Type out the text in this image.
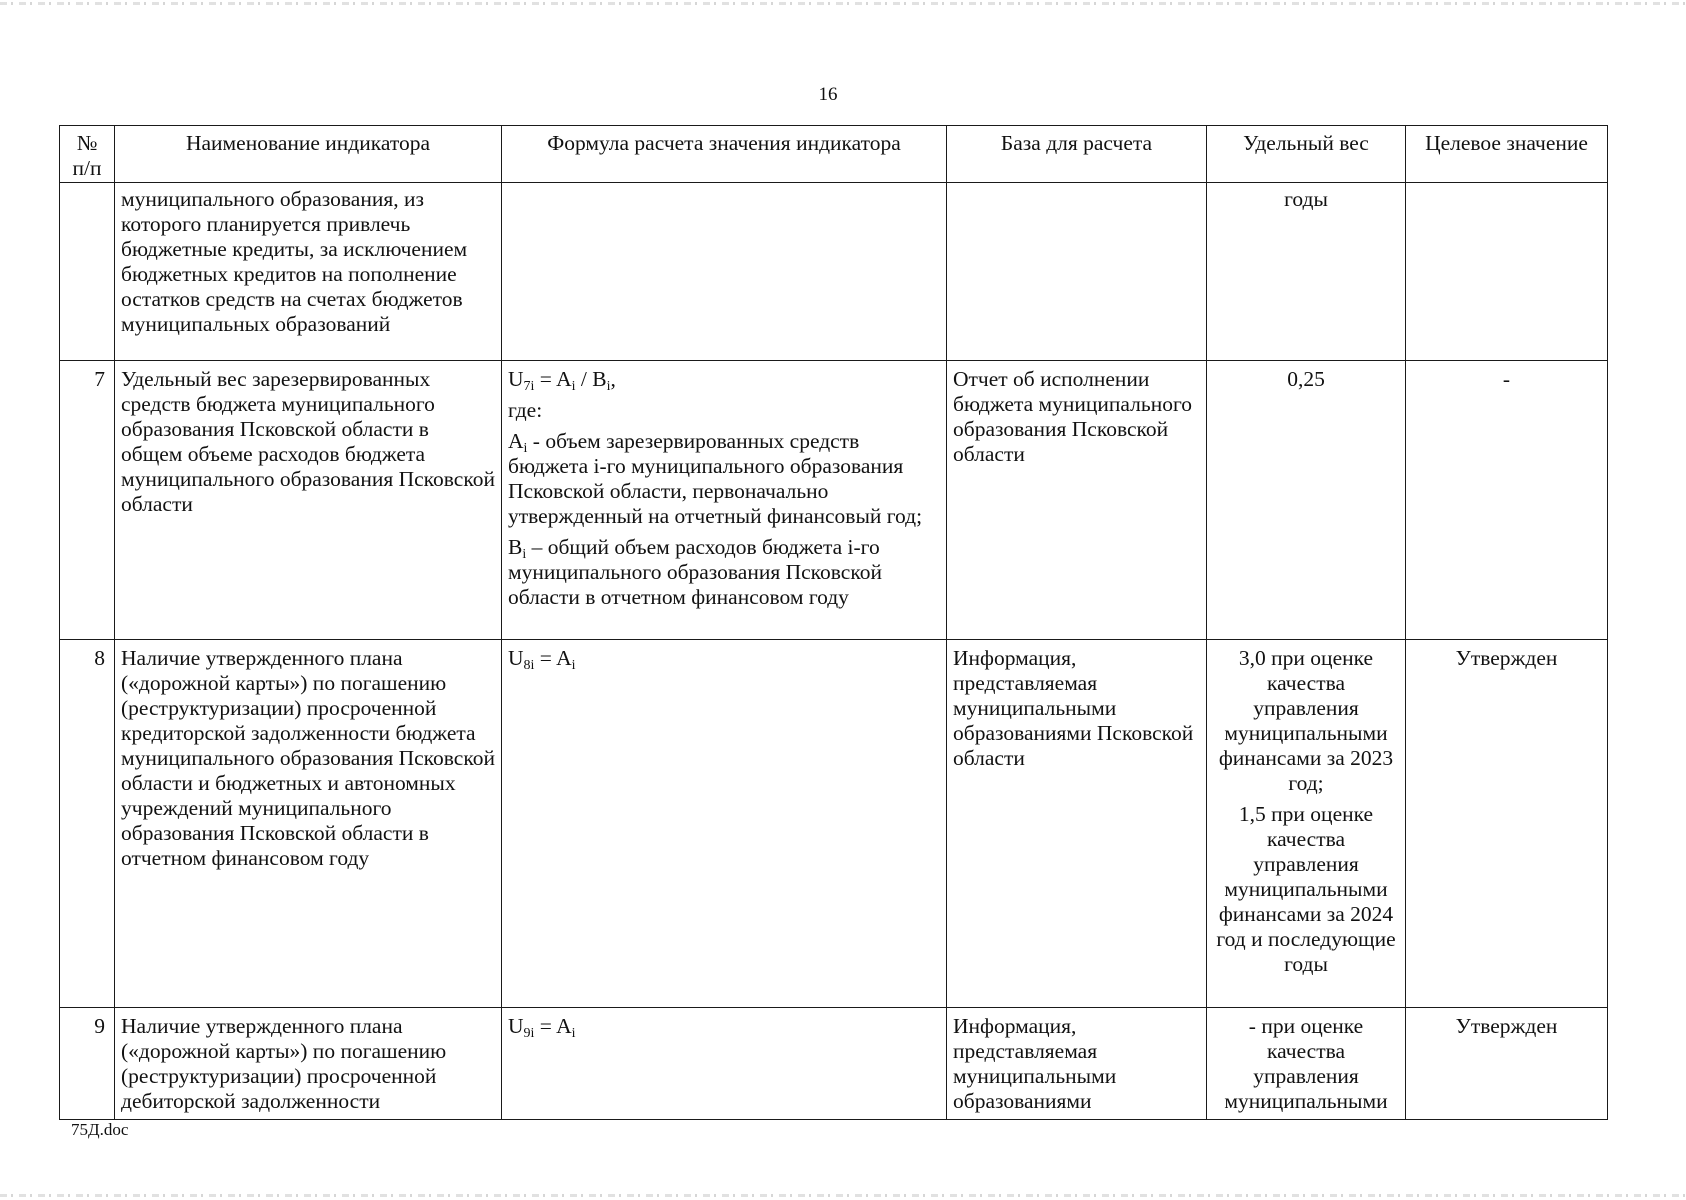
16
№ п/п	Наименование индикатора	Формула расчета значения индикатора	База для расчета	Удельный вес	Целевое значение
	муниципального образования, из которого планируется привлечь бюджетные кредиты, за исключением бюджетных кредитов на пополнение остатков средств на счетах бюджетов муниципальных образований			годы	
7	Удельный вес зарезервированных средств бюджета муниципального образования Псковской области в общем объеме расходов бюджета муниципального образования Псковской области	$U_{7i} = A_i / B_i$,

где:

$A_i$ - объем зарезервированных средств бюджета i-го муниципального образования Псковской области, первоначально утвержденный на отчетный финансовый год;

$B_i$ – общий объем расходов бюджета i-го муниципального образования Псковской области в отчетном финансовом году	Отчет об исполнении бюджета муниципального образования Псковской области	0,25	-
8	Наличие утвержденного плана («дорожной карты») по погашению (реструктуризации) просроченной кредиторской задолженности бюджета муниципального образования Псковской области и бюджетных и автономных учреждений муниципального образования Псковской области в отчетном финансовом году	$U_{8i} = A_i$	Информация, представляемая муниципальными образованиями Псковской области	3,0 при оценке качества управления муниципальными финансами за 2023 год;

1,5 при оценке качества управления муниципальными финансами за 2024 год и последующие годы	Утвержден
9	Наличие утвержденного плана («дорожной карты») по погашению (реструктуризации) просроченной дебиторской задолженности	$U_{9i} = A_i$	Информация, представляемая муниципальными образованиями	- при оценке качества управления муниципальными	Утвержден
75Д.doc
